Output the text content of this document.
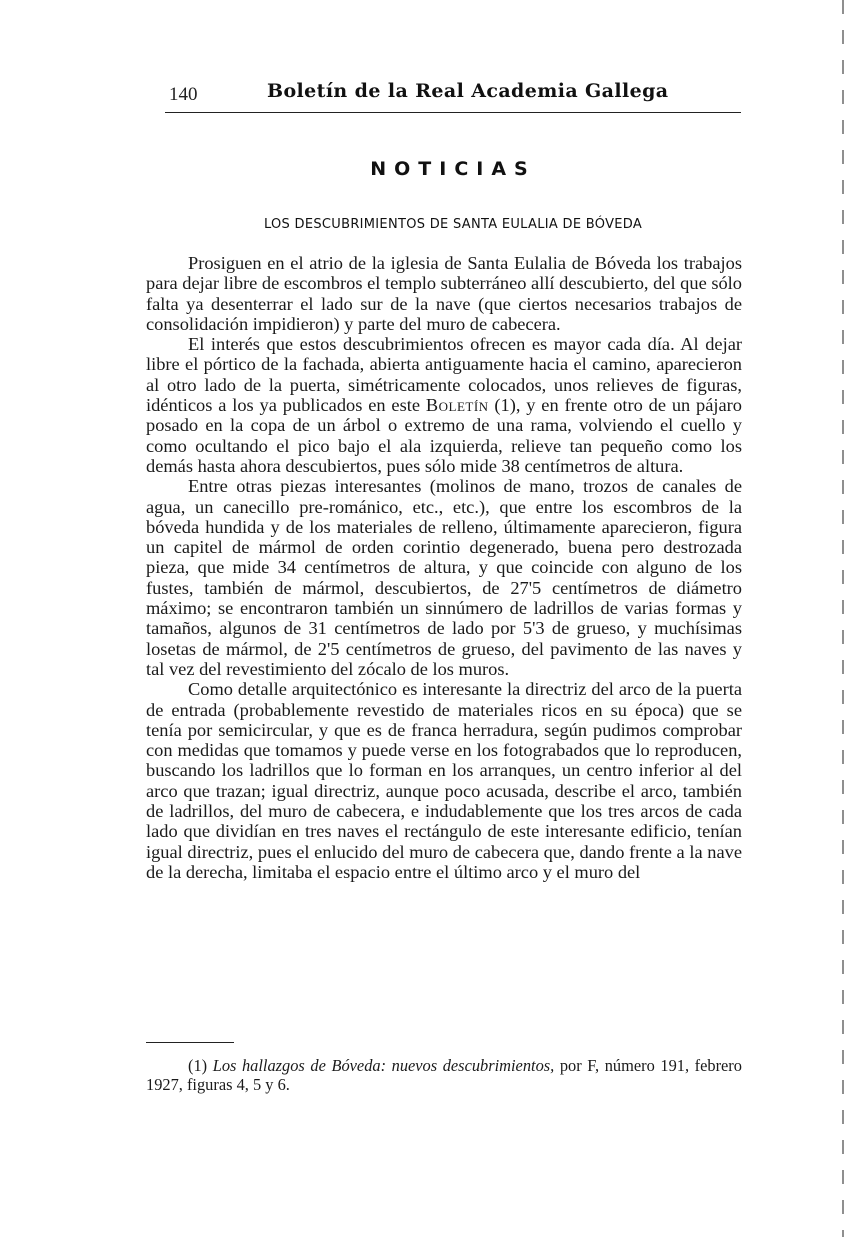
140	Boletín de la Real Academia Gallega
NOTICIAS
LOS DESCUBRIMIENTOS DE SANTA EULALIA DE BÓVEDA

Prosiguen en el atrio de la iglesia de Santa Eulalia de Bóveda los trabajos para dejar libre de escombros el templo subterráneo allí descubierto, del que sólo falta ya desenterrar el lado sur de la nave (que ciertos necesarios trabajos de consolidación impidieron) y parte del muro de cabecera.

El interés que estos descubrimientos ofrecen es mayor cada día. Al dejar libre el pórtico de la fachada, abierta antiguamente hacia el camino, aparecieron al otro lado de la puerta, simétricamente colocados, unos relieves de figuras, idénticos a los ya publicados en este Boletín (1), y en frente otro de un pájaro posado en la copa de un árbol o extremo de una rama, volviendo el cuello y como ocultando el pico bajo el ala izquierda, relieve tan pequeño como los demás hasta ahora descubiertos, pues sólo mide 38 centímetros de altura.

Entre otras piezas interesantes (molinos de mano, trozos de canales de agua, un canecillo pre-románico, etc., etc.), que entre los escombros de la bóveda hundida y de los materiales de relleno, últimamente aparecieron, figura un capitel de mármol de orden corintio degenerado, buena pero destrozada pieza, que mide 34 centímetros de altura, y que coincide con alguno de los fustes, también de mármol, descubiertos, de 27'5 centímetros de diámetro máximo; se encontraron también un sinnúmero de ladrillos de varias formas y tamaños, algunos de 31 centímetros de lado por 5'3 de grueso, y muchísimas losetas de mármol, de 2'5 centímetros de grueso, del pavimento de las naves y tal vez del revestimiento del zócalo de los muros.

Como detalle arquitectónico es interesante la directriz del arco de la puerta de entrada (probablemente revestido de materiales ricos en su época) que se tenía por semicircular, y que es de franca herradura, según pudimos comprobar con medidas que tomamos y puede verse en los fotograbados que lo reproducen, buscando los ladrillos que lo forman en los arranques, un centro inferior al del arco que trazan; igual directriz, aunque poco acusada, describe el arco, también de ladrillos, del muro de cabecera, e indudablemente que los tres arcos de cada lado que dividían en tres naves el rectángulo de este interesante edificio, tenían igual directriz, pues el enlucido del muro de cabecera que, dando frente a la nave de la derecha, limitaba el espacio entre el último arco y el muro del

(1) Los hallazgos de Bóveda: nuevos descubrimientos, por F, número 191, febrero 1927, figuras 4, 5 y 6.
